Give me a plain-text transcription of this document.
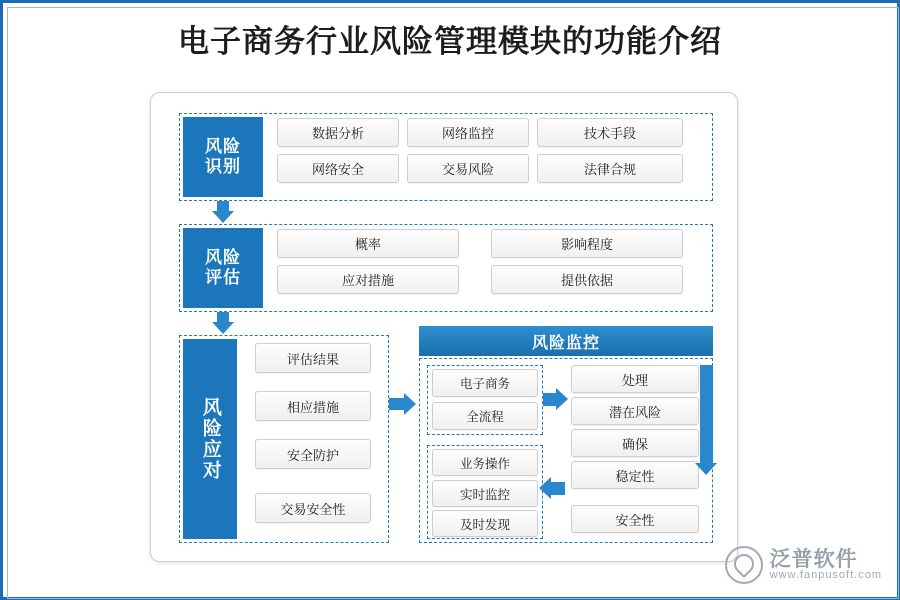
电子商务行业风险管理模块的功能介绍
风险
识别
数据分析	网络监控	技术手段
网络安全	交易风险	法律合规
风险
评估
概率	影响程度
应对措施	提供依据
风险应对
评估结果
相应措施
安全防护
交易安全性
风险监控
电子商务
全流程
业务操作
实时监控
及时发现
处理
潜在风险
确保
稳定性
安全性
泛普软件
www.fanpusoft.com
